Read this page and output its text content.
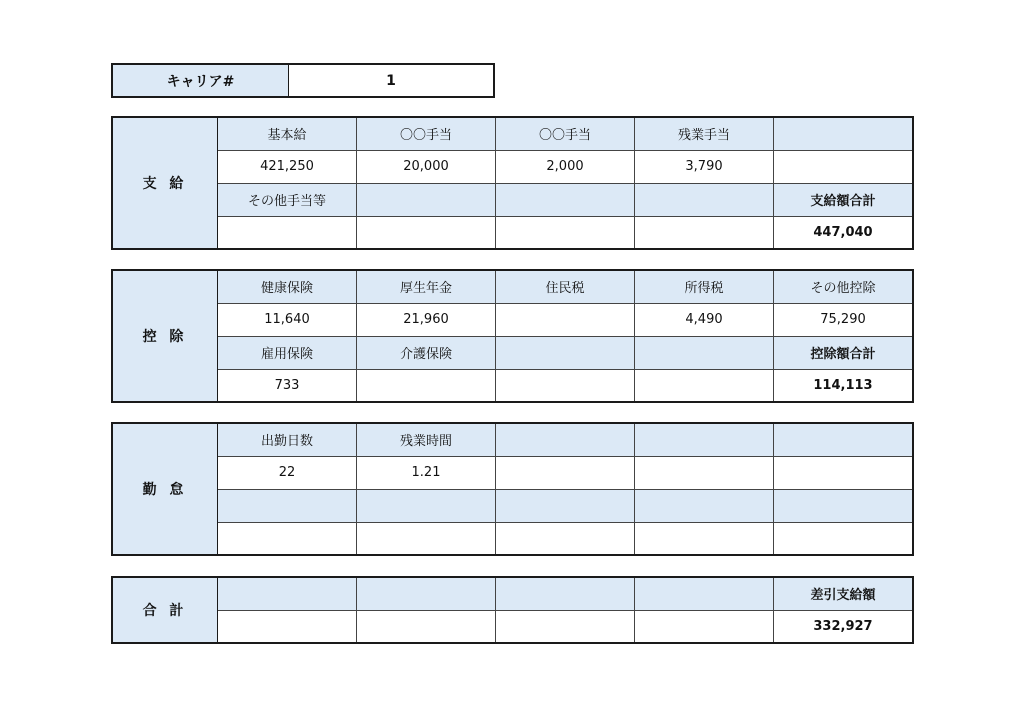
キャリア#	1
支 給	基本給	〇〇手当	〇〇手当	残業手当	
	421,250	20,000	2,000	3,790	
	その他手当等				支給額合計
					447,040
控 除	健康保険	厚生年金	住民税	所得税	その他控除
	11,640	21,960		4,490	75,290
	雇用保険	介護保険			控除額合計
	733				114,113
勤 怠	出勤日数	残業時間			
	22	1.21			

合 計					差引支給額
					332,927
